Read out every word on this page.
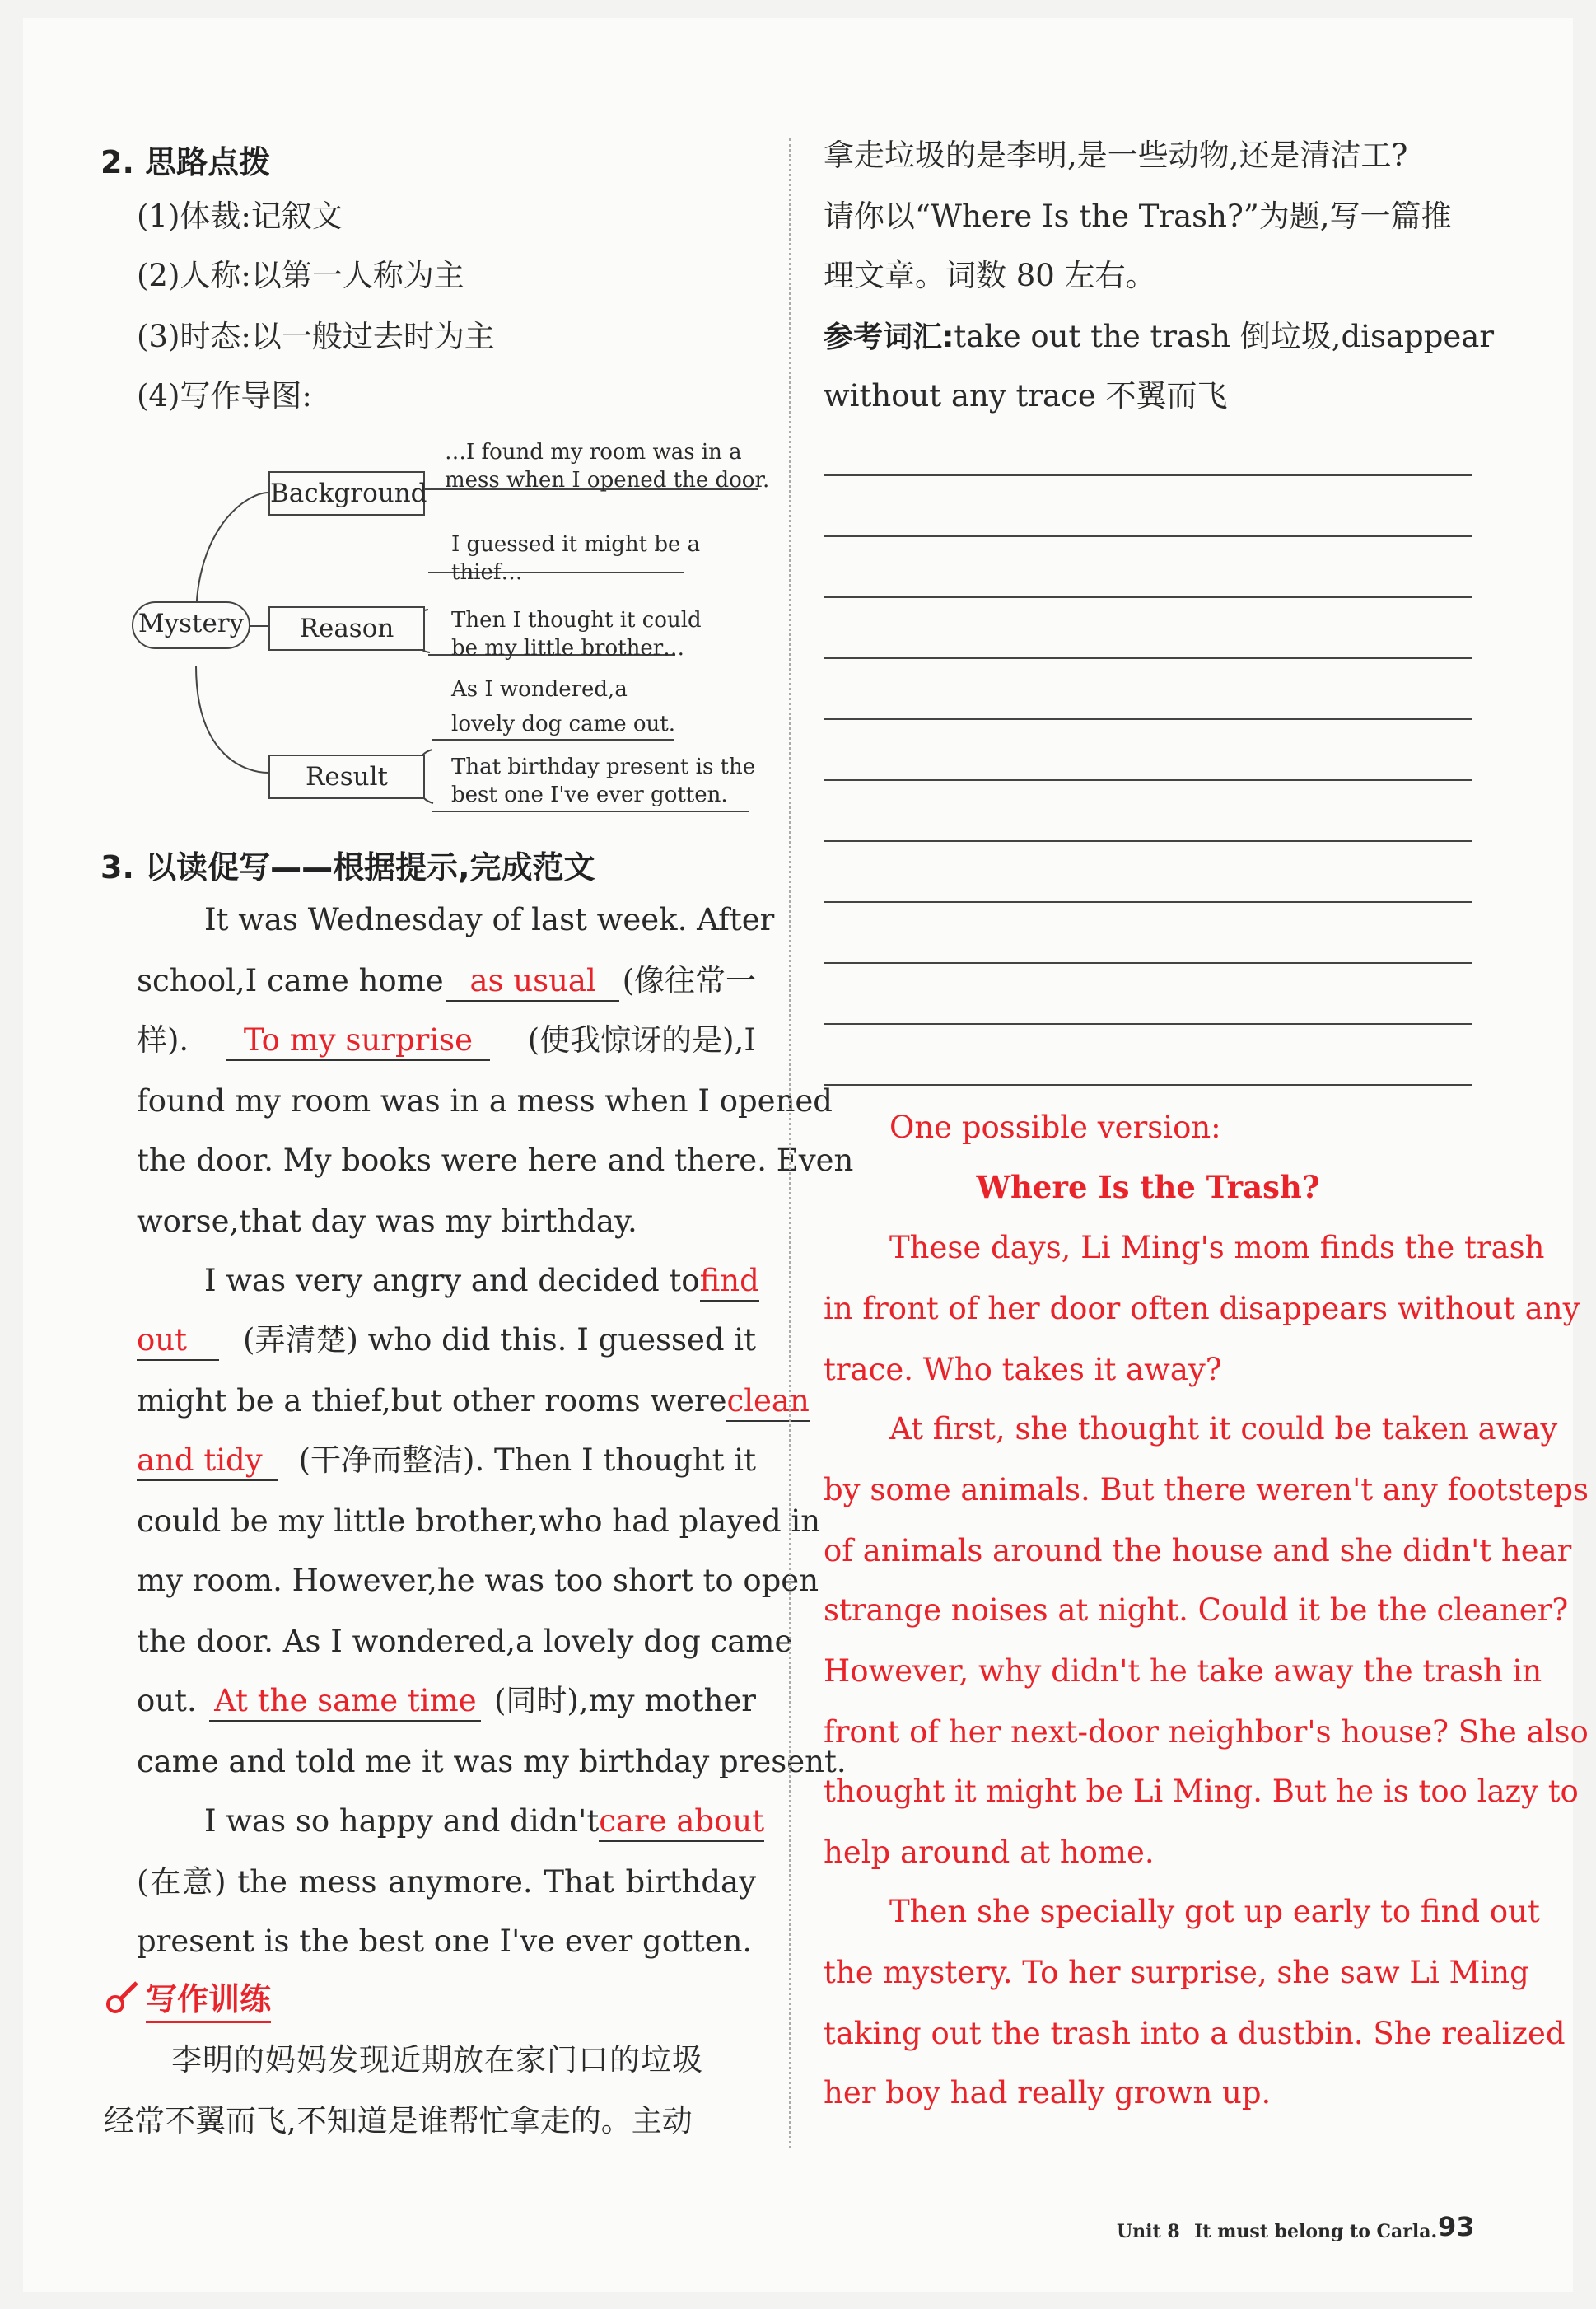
2. 思路点拨
(1)体裁:记叙文
(2)人称:以第一人称为主
(3)时态:以一般过去时为主
(4)写作导图:
Mystery
Background
Reason
Result
…I found my room was in a
mess when I opened the door.
I guessed it might be a
thief…
Then I thought it could
be my little brother…
As I wondered,a
lovely dog came out.
That birthday present is the
best one I've ever gotten.
3. 以读促写——根据提示,完成范文
It was Wednesday of last week. After
school,I came home as usual (像往常一
样).	To my surprise	(使我惊讶的是),I
found my room was in a mess when I opened
the door. My books were here and there. Even
worse,that day was my birthday.
I was very angry and decided to find
out	(弄清楚) who did this. I guessed it
might be a thief,but other rooms were clean
and tidy	(干净而整洁). Then I thought it
could be my little brother,who had played in
my room. However,he was too short to open
the door. As I wondered,a lovely dog came
out. At the same time (同时),my mother
came and told me it was my birthday present.
I was so happy and didn't care about
(在意) the mess anymore. That birthday
present is the best one I've ever gotten.
写作训练
李明的妈妈发现近期放在家门口的垃圾
经常不翼而飞,不知道是谁帮忙拿走的。主动
拿走垃圾的是李明,是一些动物,还是清洁工?
请你以“Where Is the Trash?”为题,写一篇推
理文章。词数 80 左右。
参考词汇:take out the trash 倒垃圾,disappear
without any trace 不翼而飞
One possible version:
Where Is the Trash?
These days, Li Ming's mom finds the trash
in front of her door often disappears without any
trace. Who takes it away?
At first, she thought it could be taken away
by some animals. But there weren't any footsteps
of animals around the house and she didn't hear
strange noises at night. Could it be the cleaner?
However, why didn't he take away the trash in
front of her next-door neighbor's house? She also
thought it might be Li Ming. But he is too lazy to
help around at home.
Then she specially got up early to find out
the mystery. To her surprise, she saw Li Ming
taking out the trash into a dustbin. She realized
her boy had really grown up.
Unit 8 It must belong to Carla. 93
